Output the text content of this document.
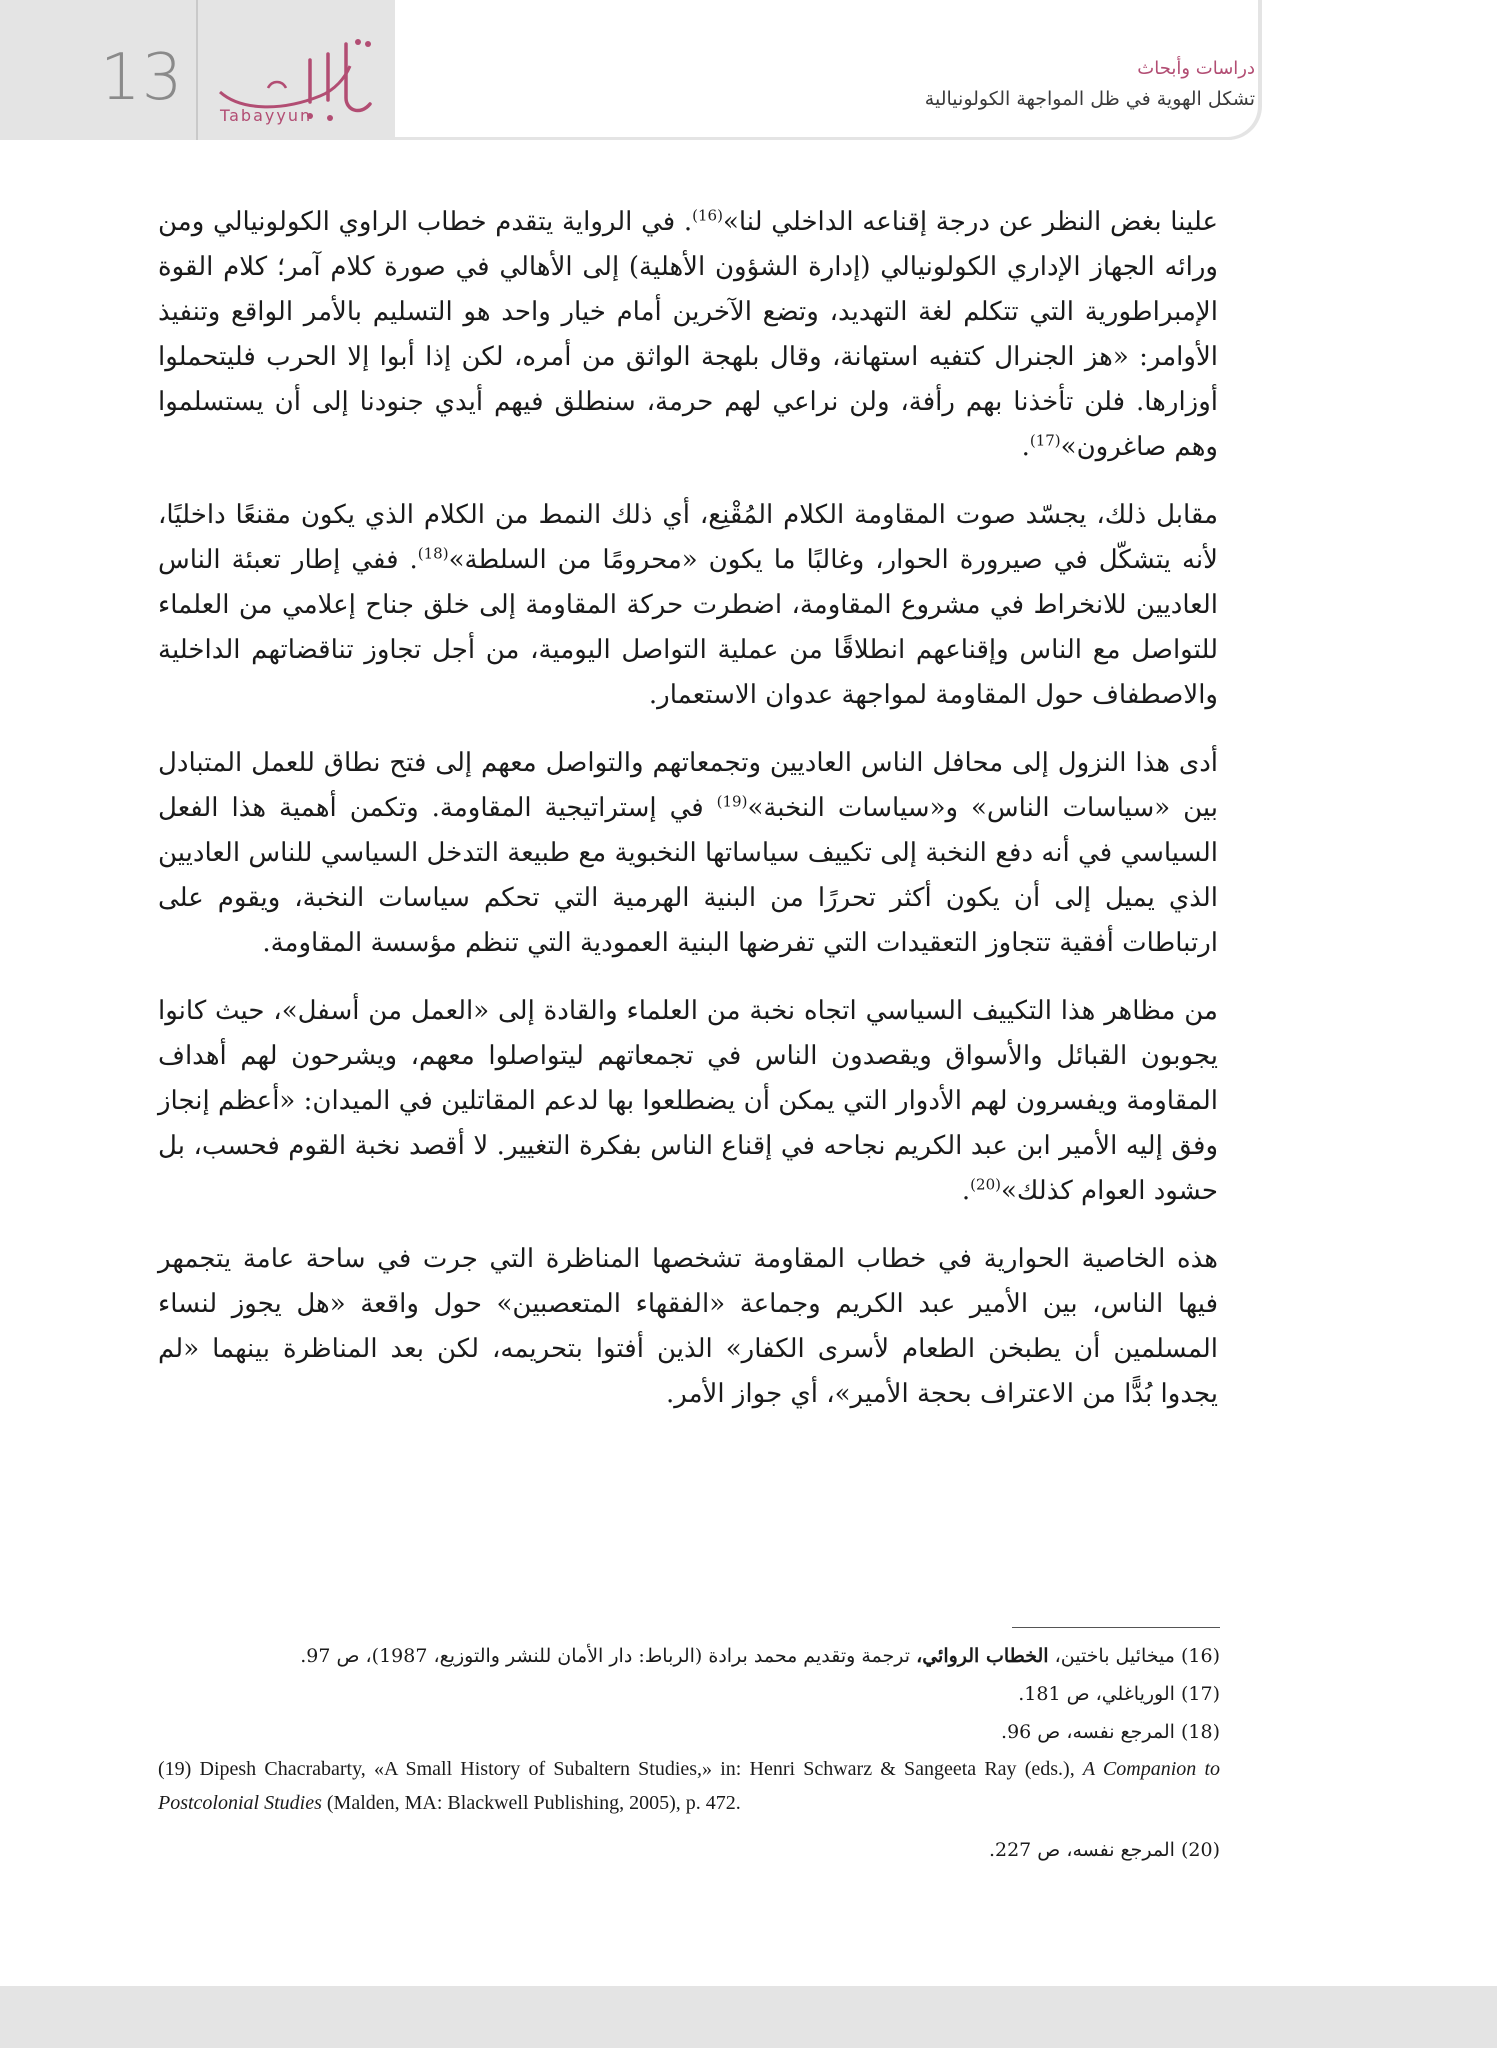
13
Tabayyun
دراسات وأبحاث
تشكل الهوية في ظل المواجهة الكولونيالية

علينا بغض النظر عن درجة إقناعه الداخلي لنا»$^{(16)}$. في الرواية يتقدم خطاب الراوي الكولونيالي ومن ورائه الجهاز الإداري الكولونيالي (إدارة الشؤون الأهلية) إلى الأهالي في صورة كلام آمر؛ كلام القوة الإمبراطورية التي تتكلم لغة التهديد، وتضع الآخرين أمام خيار واحد هو التسليم بالأمر الواقع وتنفيذ الأوامر: «هز الجنرال كتفيه استهانة، وقال بلهجة الواثق من أمره، لكن إذا أبوا إلا الحرب فليتحملوا أوزارها. فلن تأخذنا بهم رأفة، ولن نراعي لهم حرمة، سنطلق فيهم أيدي جنودنا إلى أن يستسلموا وهم صاغرون»$^{(17)}$.

مقابل ذلك، يجسّد صوت المقاومة الكلام المُقْنِع، أي ذلك النمط من الكلام الذي يكون مقنعًا داخليًا، لأنه يتشكّل في صيرورة الحوار، وغالبًا ما يكون «محرومًا من السلطة»$^{(18)}$. ففي إطار تعبئة الناس العاديين للانخراط في مشروع المقاومة، اضطرت حركة المقاومة إلى خلق جناح إعلامي من العلماء للتواصل مع الناس وإقناعهم انطلاقًا من عملية التواصل اليومية، من أجل تجاوز تناقضاتهم الداخلية والاصطفاف حول المقاومة لمواجهة عدوان الاستعمار.

أدى هذا النزول إلى محافل الناس العاديين وتجمعاتهم والتواصل معهم إلى فتح نطاق للعمل المتبادل بين «سياسات الناس» و«سياسات النخبة»$^{(19)}$ في إستراتيجية المقاومة. وتكمن أهمية هذا الفعل السياسي في أنه دفع النخبة إلى تكييف سياساتها النخبوية مع طبيعة التدخل السياسي للناس العاديين الذي يميل إلى أن يكون أكثر تحررًا من البنية الهرمية التي تحكم سياسات النخبة، ويقوم على ارتباطات أفقية تتجاوز التعقيدات التي تفرضها البنية العمودية التي تنظم مؤسسة المقاومة.

من مظاهر هذا التكييف السياسي اتجاه نخبة من العلماء والقادة إلى «العمل من أسفل»، حيث كانوا يجوبون القبائل والأسواق ويقصدون الناس في تجمعاتهم ليتواصلوا معهم، ويشرحون لهم أهداف المقاومة ويفسرون لهم الأدوار التي يمكن أن يضطلعوا بها لدعم المقاتلين في الميدان: «أعظم إنجاز وفق إليه الأمير ابن عبد الكريم نجاحه في إقناع الناس بفكرة التغيير. لا أقصد نخبة القوم فحسب، بل حشود العوام كذلك»$^{(20)}$.

هذه الخاصية الحوارية في خطاب المقاومة تشخصها المناظرة التي جرت في ساحة عامة يتجمهر فيها الناس، بين الأمير عبد الكريم وجماعة «الفقهاء المتعصبين» حول واقعة «هل يجوز لنساء المسلمين أن يطبخن الطعام لأسرى الكفار» الذين أفتوا بتحريمه، لكن بعد المناظرة بينهما «لم يجدوا بُدًّا من الاعتراف بحجة الأمير»، أي جواز الأمر.

(16) ميخائيل باختين، الخطاب الروائي، ترجمة وتقديم محمد برادة (الرباط: دار الأمان للنشر والتوزيع، 1987)، ص 97.

(17) الورياغلي، ص 181.

(18) المرجع نفسه، ص 96.

(19) Dipesh Chacrabarty, «A Small History of Subaltern Studies,» in: Henri Schwarz & Sangeeta Ray (eds.), A Companion to Postcolonial Studies (Malden, MA: Blackwell Publishing, 2005), p. 472.

(20) المرجع نفسه، ص 227.
